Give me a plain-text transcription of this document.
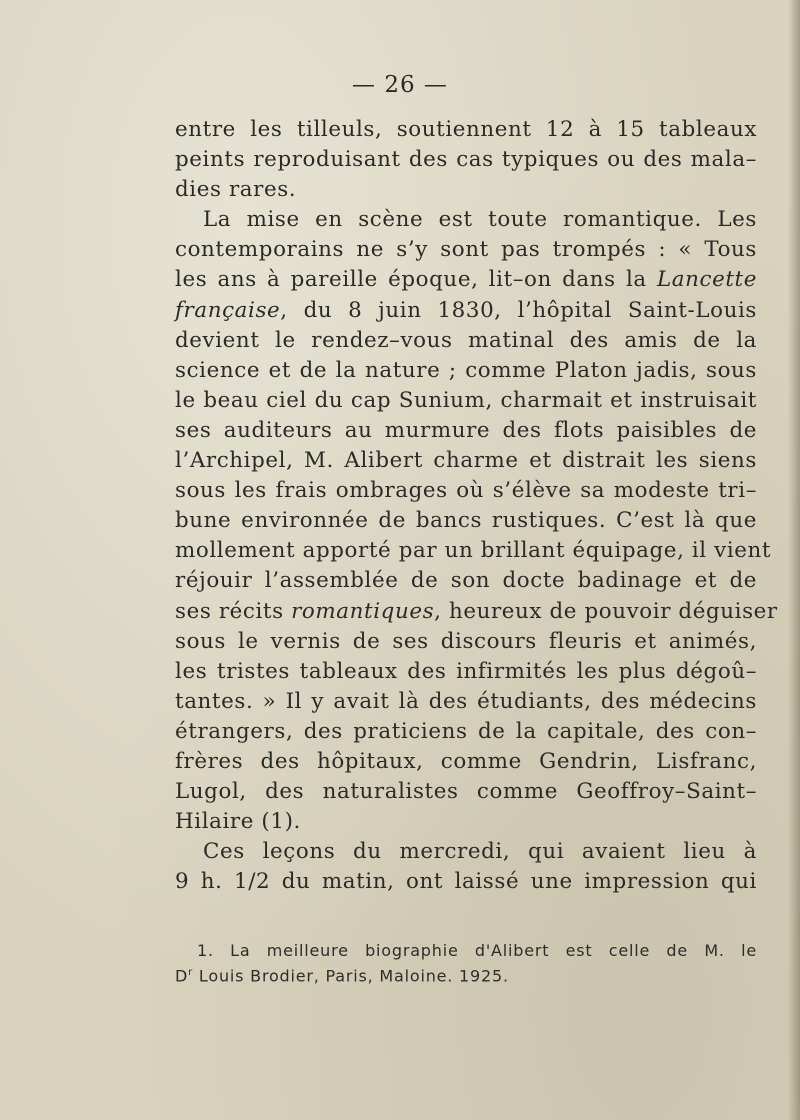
— 26 —
entre les tilleuls, soutiennent 12 à 15 tableaux
peints reproduisant des cas typiques ou des mala–
dies rares.
La mise en scène est toute romantique. Les
contemporains ne s’y sont pas trompés : « Tous
les ans à pareille époque, lit–on dans la Lancette
française, du 8 juin 1830, l’hôpital Saint-Louis
devient le rendez–vous matinal des amis de la
science et de la nature ; comme Platon jadis, sous
le beau ciel du cap Sunium, charmait et instruisait
ses auditeurs au murmure des flots paisibles de
l’Archipel, M. Alibert charme et distrait les siens
sous les frais ombrages où s’élève sa modeste tri–
bune environnée de bancs rustiques. C’est là que
mollement apporté par un brillant équipage, il vient
réjouir l’assemblée de son docte badinage et de
ses récits romantiques, heureux de pouvoir déguiser
sous le vernis de ses discours fleuris et animés,
les tristes tableaux des infirmités les plus dégoû–
tantes. » Il y avait là des étudiants, des médecins
étrangers, des praticiens de la capitale, des con–
frères des hôpitaux, comme Gendrin, Lisfranc,
Lugol, des naturalistes comme Geoffroy–Saint–
Hilaire (1).
Ces leçons du mercredi, qui avaient lieu à
9 h. 1/2 du matin, ont laissé une impression qui
1. La meilleure biographie d'Alibert est celle de M. le
$D^r$ Louis Brodier, Paris, Maloine. 1925.
